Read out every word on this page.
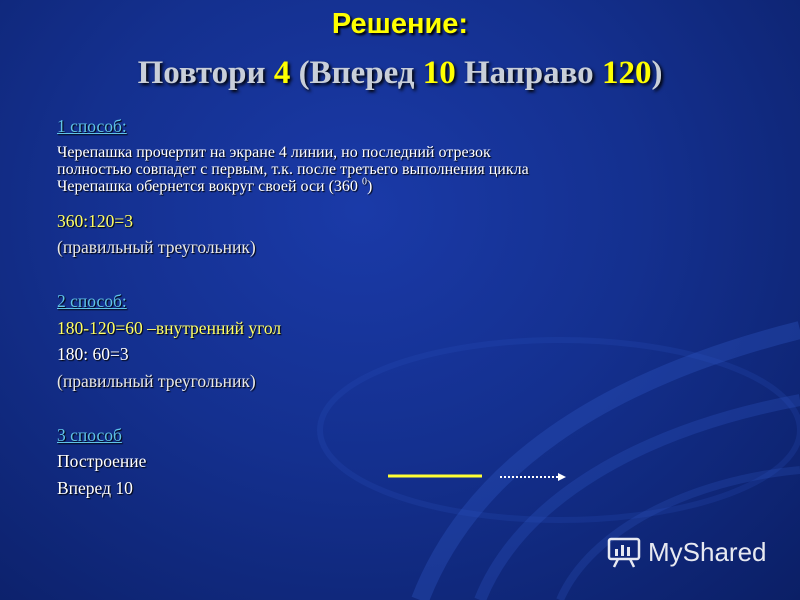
Решение:
Повтори 4 (Вперед 10 Направо 120)
1 способ:
Черепашка прочертит на экране 4 линии, но последний отрезок
полностью совпадет с первым, т.к. после третьего выполнения цикла
Черепашка обернется вокруг своей оси (360 $^0$)
360:120=3
(правильный треугольник)
2 способ:
180-120=60 –внутренний угол
180: 60=3
(правильный треугольник)
3 способ
Построение
Вперед 10
MyShared
